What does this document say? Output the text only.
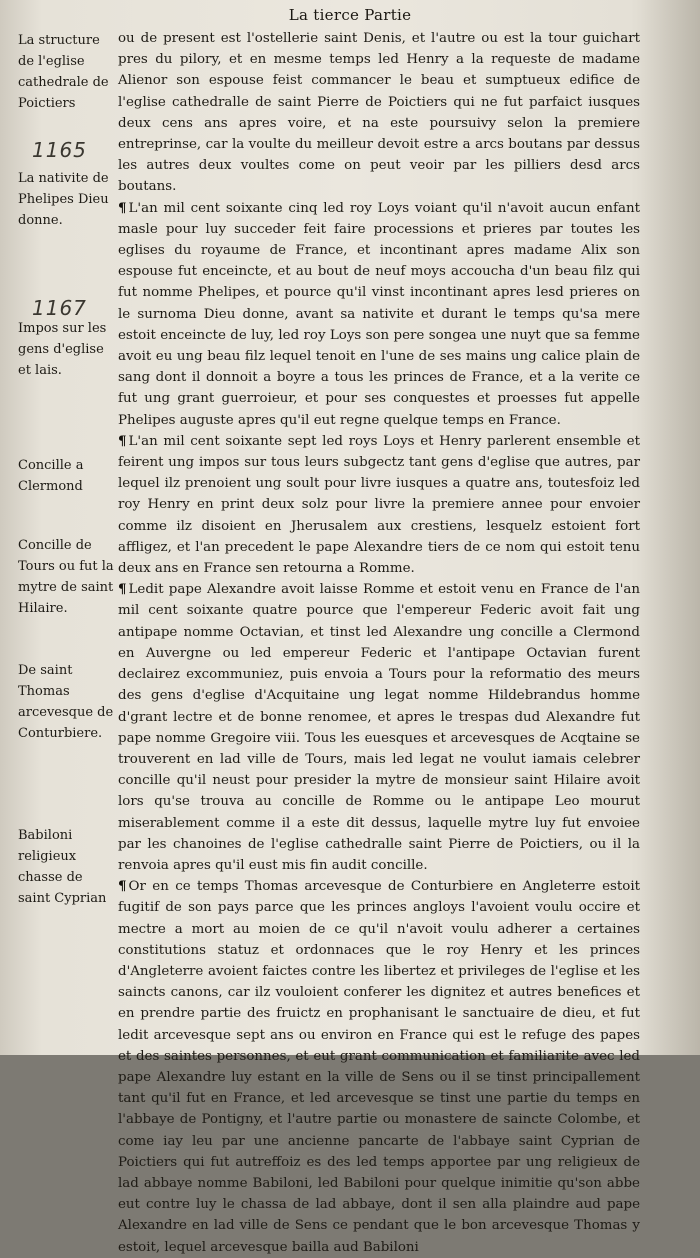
La tierce Partie
1165
1167
La structure de l'eglise cathedrale de Poictiers
La nativite de Phelipes Dieu donne.
Impos sur les gens d'eglise et lais.
Concille a Clermond
Concille de Tours ou fut la mytre de saint Hilaire.
De saint Thomas arcevesque de Conturbiere.
Babiloni religieux chasse de saint Cyprian

ou de present est l'ostellerie saint Denis, et l'autre ou est la tour guichart pres du pilory, et en mesme temps led Henry a la requeste de madame Alienor son espouse feist commancer le beau et sumptueux edifice de l'eglise cathedralle de saint Pierre de Poictiers qui ne fut parfaict iusques deux cens ans apres voire, et na este poursuivy selon la premiere entreprinse, car la voulte du meilleur devoit estre a arcs boutans par dessus les autres deux voultes come on peut veoir par les pilliers desd arcs boutans.

¶ L'an mil cent soixante cinq led roy Loys voiant qu'il n'avoit aucun enfant masle pour luy succeder feit faire processions et prieres par toutes les eglises du royaume de France, et incontinant apres madame Alix son espouse fut enceincte, et au bout de neuf moys accoucha d'un beau filz qui fut nomme Phelipes, et pource qu'il vinst incontinant apres lesd prieres on le surnoma Dieu donne, avant sa nativite et durant le temps qu'sa mere estoit enceincte de luy, led roy Loys son pere songea une nuyt que sa femme avoit eu ung beau filz lequel tenoit en l'une de ses mains ung calice plain de sang dont il donnoit a boyre a tous les princes de France, et a la verite ce fut ung grant guerroieur, et pour ses conquestes et proesses fut appelle Phelipes auguste apres qu'il eut regne quelque temps en France.

¶ L'an mil cent soixante sept led roys Loys et Henry parlerent ensemble et feirent ung impos sur tous leurs subgectz tant gens d'eglise que autres, par lequel ilz prenoient ung soult pour livre iusques a quatre ans, toutesfoiz led roy Henry en print deux solz pour livre la premiere annee pour envoier comme ilz disoient en Jherusalem aux crestiens, lesquelz estoient fort affligez, et l'an precedent le pape Alexandre tiers de ce nom qui estoit tenu deux ans en France sen retourna a Romme.

¶ Ledit pape Alexandre avoit laisse Romme et estoit venu en France de l'an mil cent soixante quatre pource que l'empereur Federic avoit fait ung antipape nomme Octavian, et tinst led Alexandre ung concille a Clermond en Auvergne ou led empereur Federic et l'antipape Octavian furent declairez excommuniez, puis envoia a Tours pour la reformatio des meurs des gens d'eglise d'Acquitaine ung legat nomme Hildebrandus homme d'grant lectre et de bonne renomee, et apres le trespas dud Alexandre fut pape nomme Gregoire viii. Tous les euesques et arcevesques de Acqtaine se trouverent en lad ville de Tours, mais led legat ne voulut iamais celebrer concille qu'il neust pour presider la mytre de monsieur saint Hilaire avoit lors qu'se trouva au concille de Romme ou le antipape Leo mourut miserablement comme il a este dit dessus, laquelle mytre luy fut envoiee par les chanoines de l'eglise cathedralle saint Pierre de Poictiers, ou il la renvoia apres qu'il eust mis fin audit concille.

¶ Or en ce temps Thomas arcevesque de Conturbiere en Angleterre estoit fugitif de son pays parce que les princes angloys l'avoient voulu occire et mectre a mort au moien de ce qu'il n'avoit voulu adherer a certaines constitutions statuz et ordonnaces que le roy Henry et les princes d'Angleterre avoient faictes contre les libertez et privileges de l'eglise et les saincts canons, car ilz vouloient conferer les dignitez et autres benefices et en prendre partie des fruictz en prophanisant le sanctuaire de dieu, et fut ledit arcevesque sept ans ou environ en France qui est le refuge des papes et des saintes personnes, et eut grant communication et familiarite avec led pape Alexandre luy estant en la ville de Sens ou il se tinst principallement tant qu'il fut en France, et led arcevesque se tinst une partie du temps en l'abbaye de Pontigny, et l'autre partie ou monastere de saincte Colombe, et come iay leu par une ancienne pancarte de l'abbaye saint Cyprian de Poictiers qui fut autreffoiz es des led temps apportee par ung religieux de lad abbaye nomme Babiloni, led Babiloni pour quelque inimitie qu'son abbe eut contre luy le chassa de lad abbaye, dont il sen alla plaindre aud pape Alexandre en lad ville de Sens ce pendant que le bon arcevesque Thomas y estoit, lequel arcevesque bailla aud Babiloni
